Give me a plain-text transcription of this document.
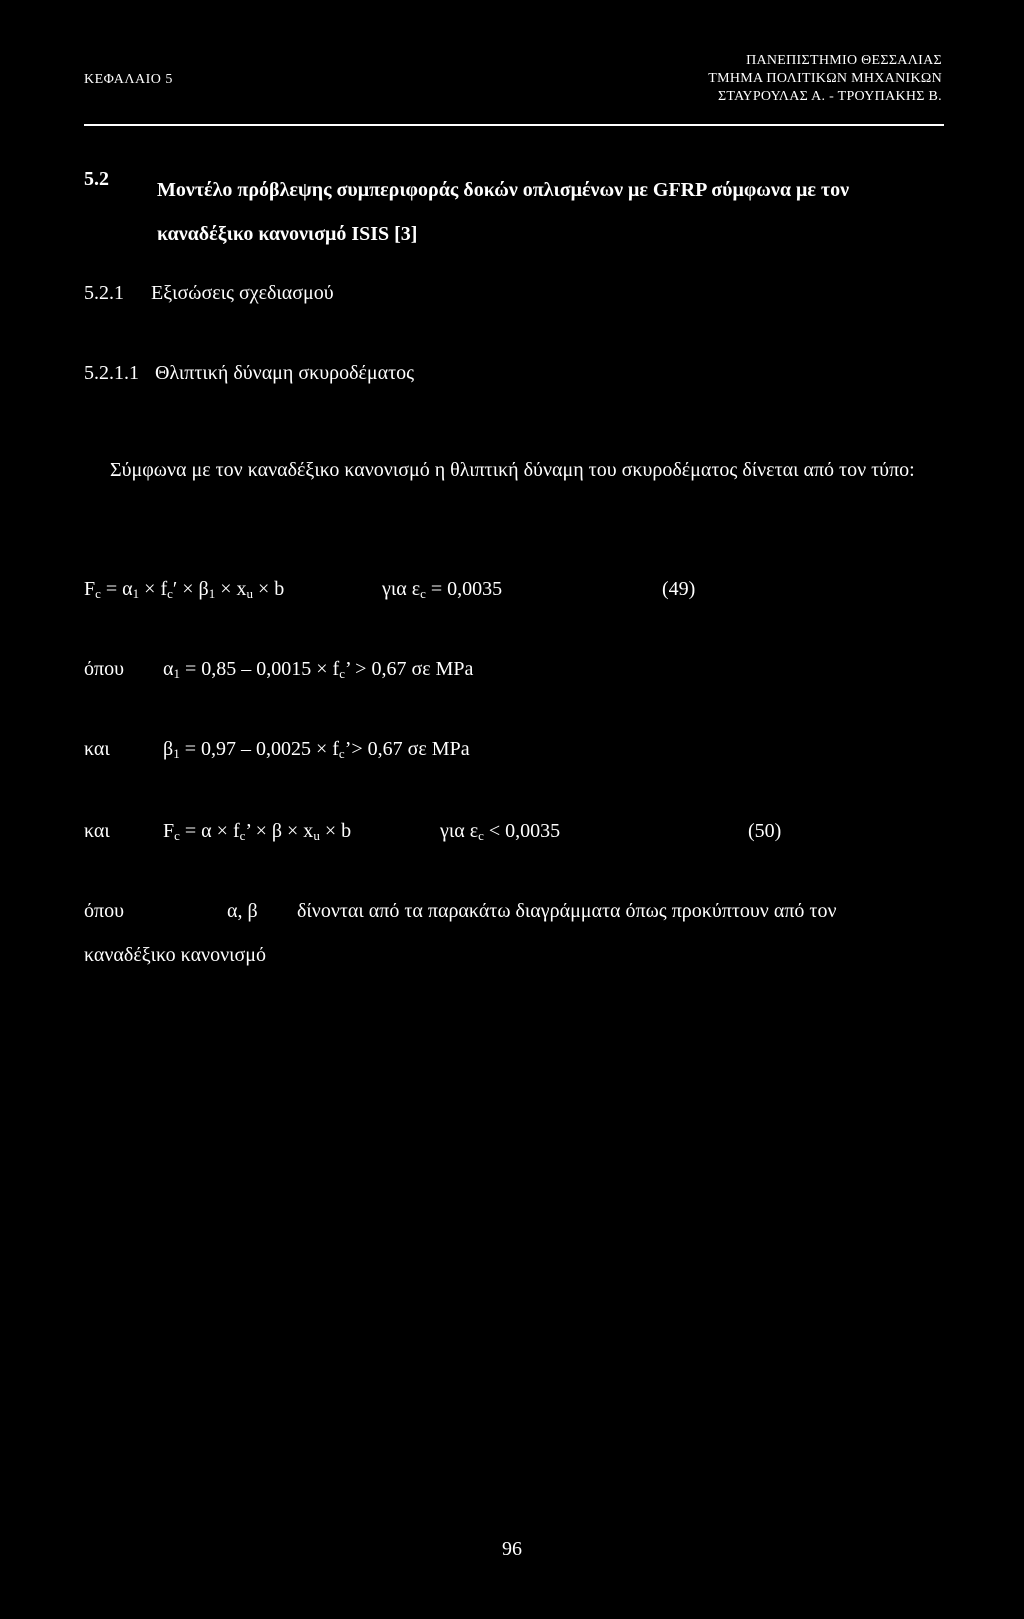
ΚΕΦΑΛΑΙΟ 5
ΠΑΝΕΠΙΣΤΗΜΙΟ ΘΕΣΣΑΛΙΑΣ
ΤΜΗΜΑ ΠΟΛΙΤΙΚΩΝ ΜΗΧΑΝΙΚΩΝ
ΣΤΑΥΡΟΥΛΑΣ Α. - ΤΡΟΥΠΑΚΗΣ Β.
5.2 Μοντέλο πρόβλεψης συμπεριφοράς δοκών οπλισμένων με GFRP σύμφωνα με τον καναδέξικο κανονισμό ISIS [3]
5.2.1 Εξισώσεις σχεδιασμού
5.2.1.1 Θλιπτική δύναμη σκυροδέματος
Σύμφωνα με τον καναδέξικο κανονισμό η θλιπτική δύναμη του σκυροδέματος δίνεται από τον τύπο:
$F_c = \alpha_1 \times f_c' \times \beta_1 \times x_u \times b$	για $\varepsilon_c = 0,0035$	(49)
όπου $\alpha_1 = 0,85 - 0,0015 \times f_c$’ > 0,67 σε MPa
και	$\beta_1 = 0,97 - 0,0025$ × $f_c’> 0,67$ σε MPa
και	$F_c = \alpha \times f_c$’ × $\beta \times x_u \times b$	για $\varepsilon_c < 0,0035$	(50)
όπου	α, β δίνονται από τα παρακάτω διαγράμματα όπως προκύπτουν από τον
καναδέξικο κανονισμό
96
